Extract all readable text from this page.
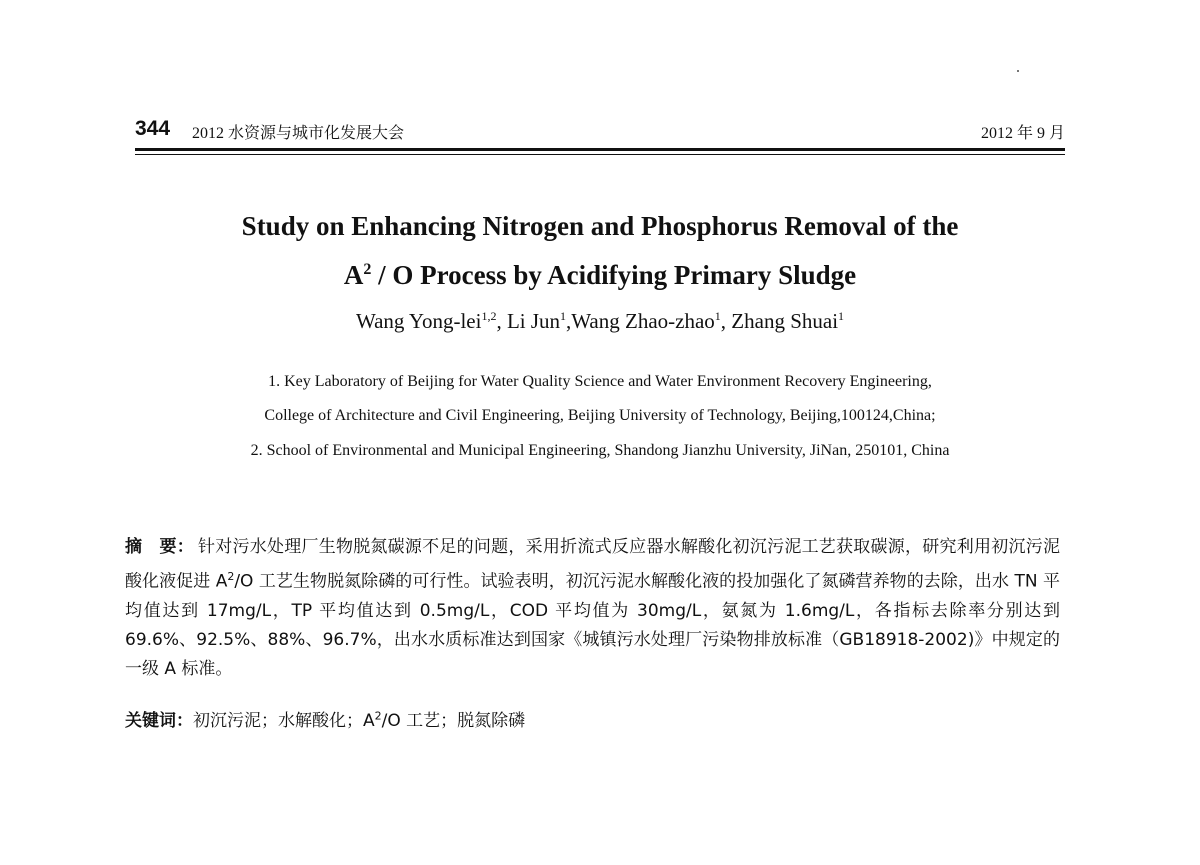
344 2012 水资源与城市化发展大会	2012 年 9 月
Study on Enhancing Nitrogen and Phosphorus Removal of the
$A^2$ / O Process by Acidifying Primary Sludge
Wang Yong-lei$^{1,2}$, Li Jun$^1$,Wang Zhao-zhao$^1$, Zhang Shuai$^1$
1. Key Laboratory of Beijing for Water Quality Science and Water Environment Recovery Engineering,
College of Architecture and Civil Engineering, Beijing University of Technology, Beijing,100124,China;
2. School of Environmental and Municipal Engineering, Shandong Jianzhu University, JiNan, 250101, China
摘　要： 针对污水处理厂生物脱氮碳源不足的问题，采用折流式反应器水解酸化初沉污泥工艺获取碳源，研究利用初沉污泥酸化液促进 $A^2/O$ 工艺生物脱氮除磷的可行性。试验表明，初沉污泥水解酸化液的投加强化了氮磷营养物的去除，出水 TN 平均值达到 17mg/L，TP 平均值达到 0.5mg/L，COD 平均值为 30mg/L，氨氮为 1.6mg/L，各指标去除率分别达到 69.6%、92.5%、88%、96.7%，出水水质标准达到国家《城镇污水处理厂污染物排放标准（GB18918-2002)》中规定的一级 A 标准。
关键词：初沉污泥；水解酸化；$A^2/O$ 工艺；脱氮除磷
